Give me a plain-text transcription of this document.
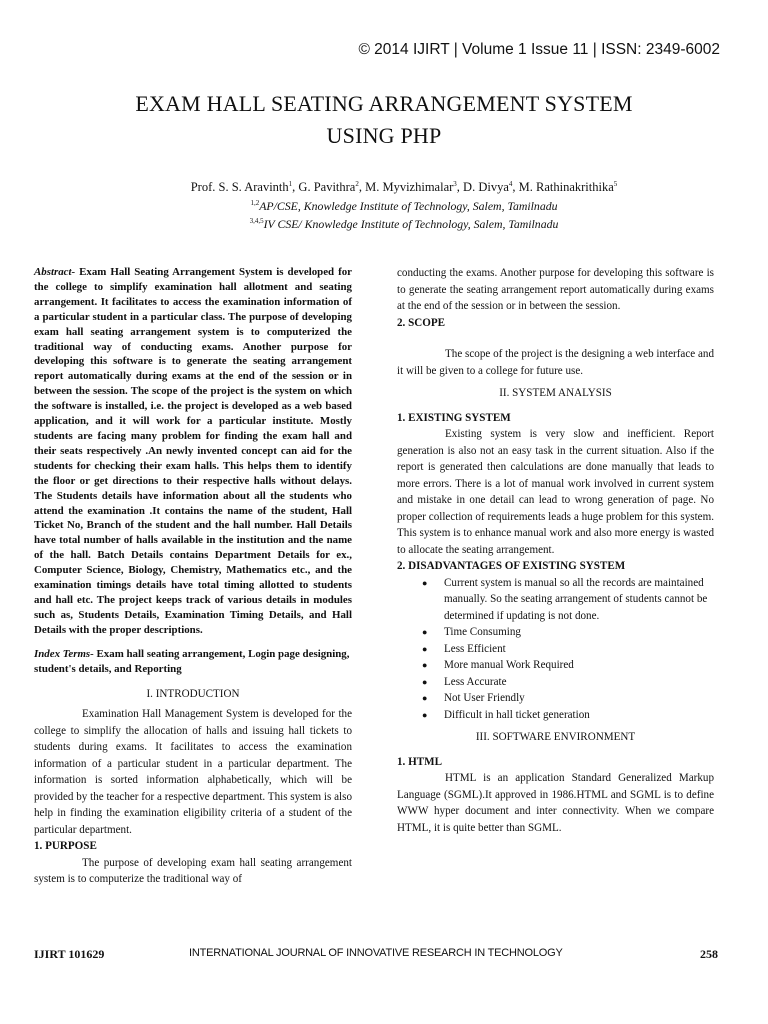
© 2014 IJIRT | Volume 1 Issue 11 | ISSN: 2349-6002
EXAM HALL SEATING ARRANGEMENT SYSTEM
USING PHP
Prof. S. S. Aravinth$^1$, G. Pavithra$^2$, M. Myvizhimalar$^3$, D. Divya$^4$, M. Rathinakrithika$^5$
$^{1,2}$AP/CSE, Knowledge Institute of Technology, Salem, Tamilnadu
$^{3,4,5}$IV CSE/ Knowledge Institute of Technology, Salem, Tamilnadu

Abstract- Exam Hall Seating Arrangement System is developed for the college to simplify examination hall allotment and seating arrangement. It facilitates to access the examination information of a particular student in a particular class. The purpose of developing exam hall seating arrangement system is to computerized the traditional way of conducting exams. Another purpose for developing this software is to generate the seating arrangement report automatically during exams at the end of the session or in between the session. The scope of the project is the system on which the software is installed, i.e. the project is developed as a web based application, and it will work for a particular institute. Mostly students are facing many problem for finding the exam hall and their seats respectively .An newly invented concept can aid for the students for checking their exam halls. This helps them to identify the floor or get directions to their respective halls without delays. The Students details have information about all the students who attend the examination .It contains the name of the student, Hall Ticket No, Branch of the student and the hall number. Hall Details have total number of halls available in the institution and the name of the hall. Batch Details contains Department Details for ex., Computer Science, Biology, Chemistry, Mathematics etc., and the examination timings details have total timing allotted to students and hall etc. The project keeps track of various details in modules such as, Students Details, Examination Timing Details, and Hall Details with the proper descriptions.

Index Terms- Exam hall seating arrangement, Login page designing, student's details, and Reporting

I. INTRODUCTION

Examination Hall Management System is developed for the college to simplify the allocation of halls and issuing hall tickets to students during exams. It facilitates to access the examination information of a particular student in a particular department. The information is sorted information alphabetically, which will be provided by the teacher for a respective department. This system is also help in finding the examination eligibility criteria of a student of the particular department.

1. PURPOSE

The purpose of developing exam hall seating arrangement system is to computerize the traditional way of

conducting the exams. Another purpose for developing this software is to generate the seating arrangement report automatically during exams at the end of the session or in between the session.

2. SCOPE

The scope of the project is the designing a web interface and it will be given to a college for future use.

II. SYSTEM ANALYSIS
1. EXISTING SYSTEM

Existing system is very slow and inefficient. Report generation is also not an easy task in the current situation. Also if the report is generated then calculations are done manually that leads to more errors. There is a lot of manual work involved in current system and mistake in one detail can lead to wrong generation of page. No proper collection of requirements leads a huge problem for this system. This system is to enhance manual work and also more energy is wasted to allocate the seating arrangement.

2. DISADVANTAGES OF EXISTING SYSTEM
● Current system is manual so all the records are maintained manually. So the seating arrangement of students cannot be determined if updating is not done.
● Time Consuming
● Less Efficient
● More manual Work Required
● Less Accurate
● Not User Friendly
● Difficult in hall ticket generation
III. SOFTWARE ENVIRONMENT
1. HTML

HTML is an application Standard Generalized Markup Language (SGML).It approved in 1986.HTML and SGML is to define WWW hyper document and inter connectivity. When we compare HTML, it is quite better than SGML.

IJIRT 101629	INTERNATIONAL JOURNAL OF INNOVATIVE RESEARCH IN TECHNOLOGY	258
